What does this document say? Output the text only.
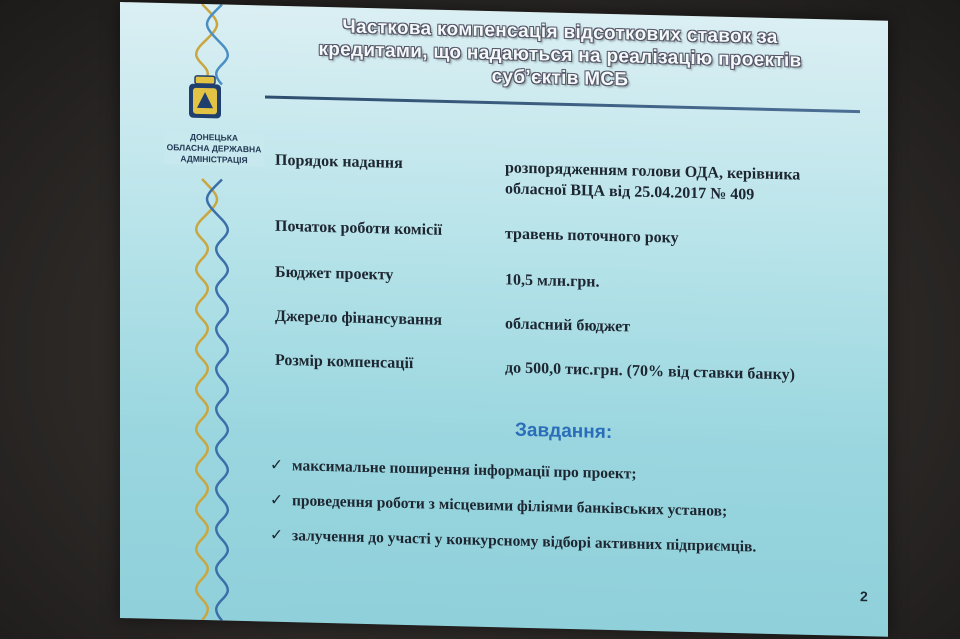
ДОНЕЦЬКА
ОБЛАСНА ДЕРЖАВНА
АДМІНІСТРАЦІЯ
Часткова компенсація відсоткових ставок за кредитами, що надаються на реалізацію проектів суб’єктів МСБ
Порядок надання	розпорядженням голови ОДА, керівника обласної ВЦА від 25.04.2017 № 409
Початок роботи комісії	травень поточного року
Бюджет проекту	10,5 млн.грн.
Джерело фінансування	обласний бюджет
Розмір компенсації	до 500,0 тис.грн. (70% від ставки банку)
Завдання:
✓ максимальне поширення інформації про проект;
✓ проведення роботи з місцевими філіями банківських установ;
✓ залучення до участі у конкурсному відборі активних підприємців.
2
